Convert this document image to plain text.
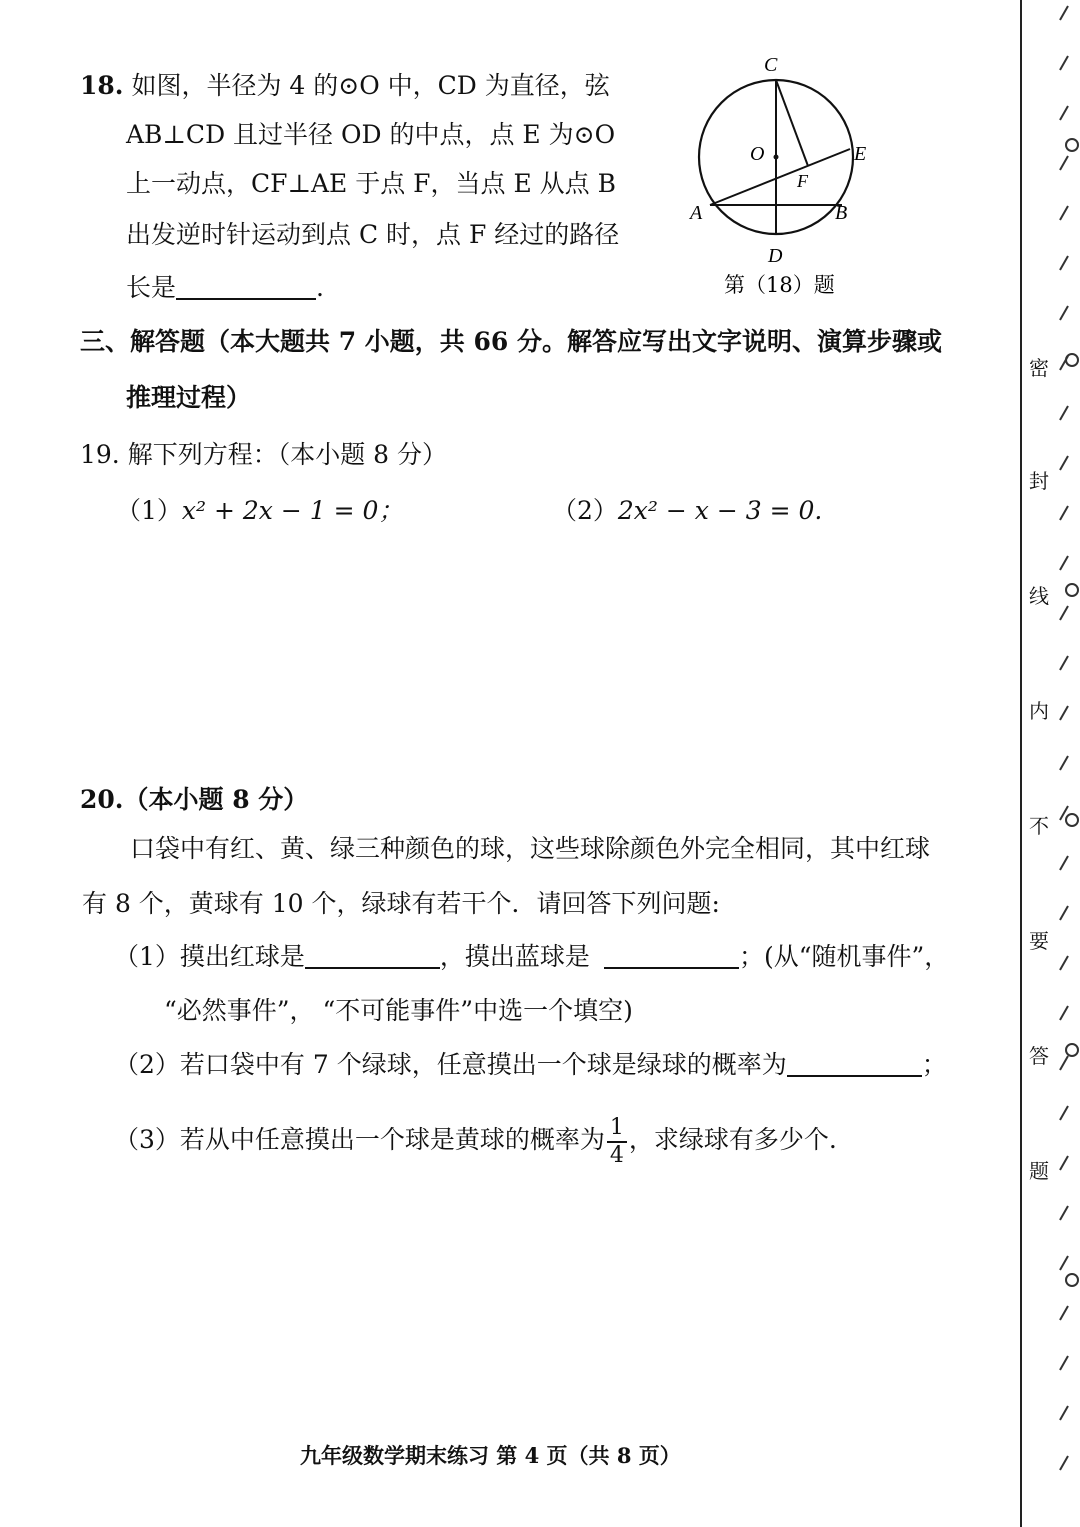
18. 如图，半径为 4 的⊙O 中，CD 为直径，弦
AB⊥CD 且过半径 OD 的中点，点 E 为⊙O
上一动点，CF⊥AE 于点 F，当点 E 从点 B
出发逆时针运动到点 C 时，点 F 经过的路径
长是	.
C
O	E
F
A	B
D
第（18）题
三、解答题（本大题共 7 小题，共 66 分。解答应写出文字说明、演算步骤或
推理过程）
19. 解下列方程：（本小题 8 分）
（1）x² + 2x − 1 = 0；	（2）2x² − x − 3 = 0.
20.（本小题 8 分）
口袋中有红、黄、绿三种颜色的球，这些球除颜色外完全相同，其中红球
有 8 个，黄球有 10 个，绿球有若干个．请回答下列问题:
（1）摸出红球是	，摸出蓝球是	；(从“随机事件”，
“必然事件”， “不可能事件”中选一个填空)
（2）若口袋中有 7 个绿球，任意摸出一个球是绿球的概率为	；
（3）若从中任意摸出一个球是黄球的概率为 $\frac{1}{4}$ ，求绿球有多少个.
九年级数学期末练习 第 4 页（共 8 页）
密
封
线
内
不
要
答
题
